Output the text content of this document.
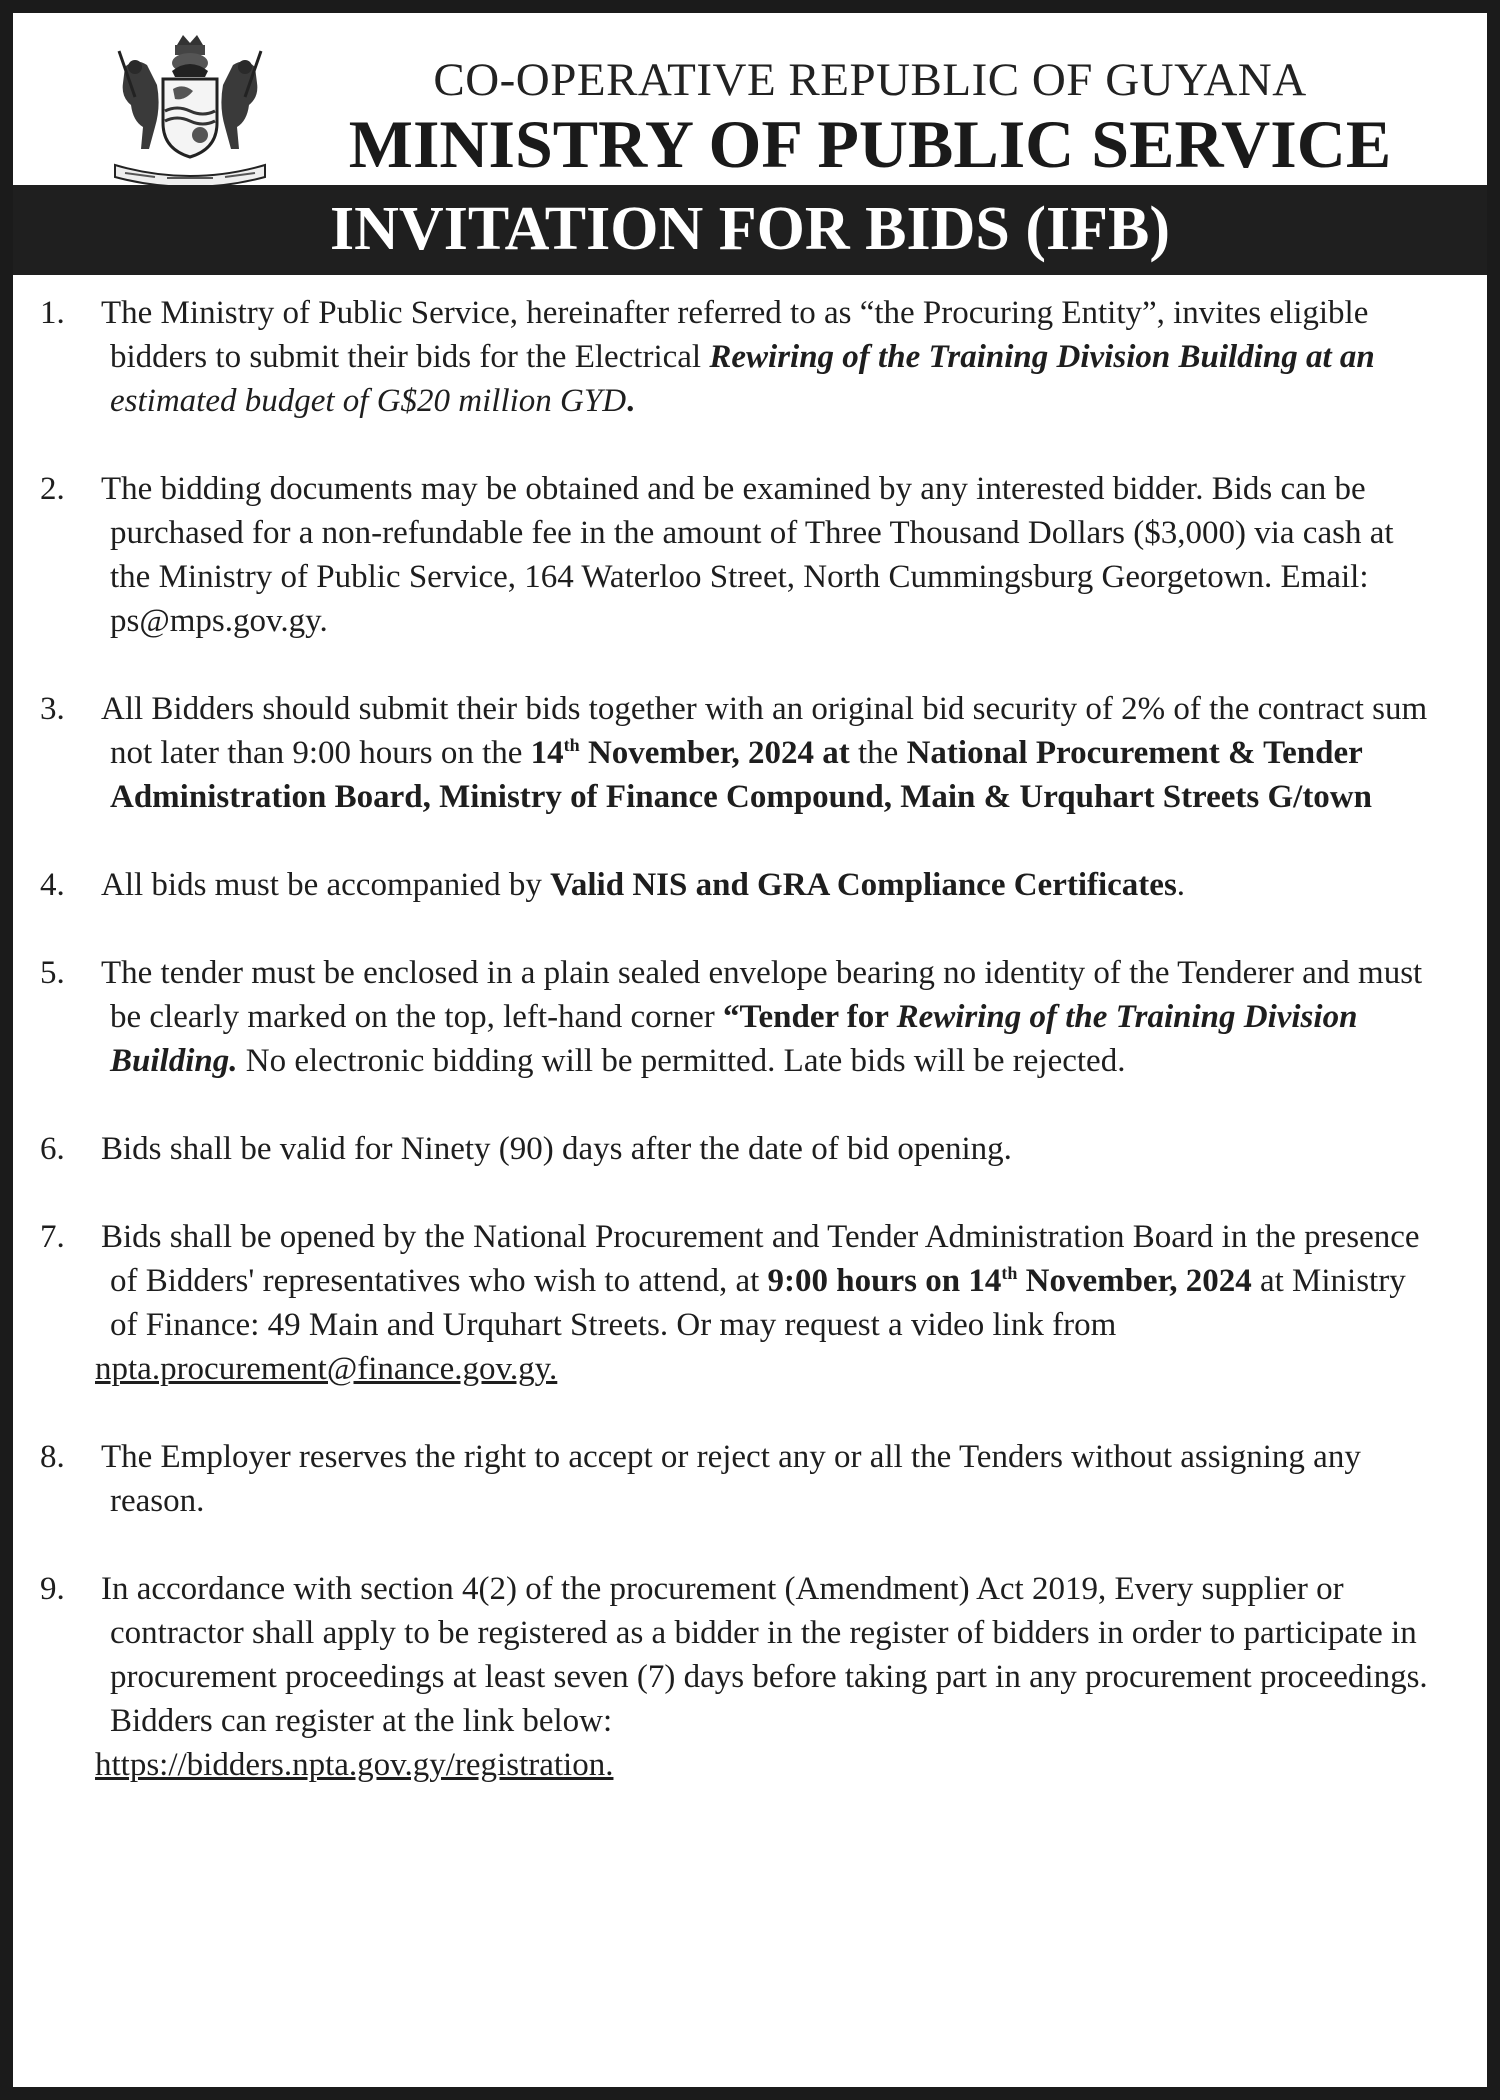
CO-OPERATIVE REPUBLIC OF GUYANA
MINISTRY OF PUBLIC SERVICE
INVITATION FOR BIDS (IFB)
1. The Ministry of Public Service, hereinafter referred to as “the Procuring Entity”, invites eligible bidders to submit their bids for the Electrical Rewiring of the Training Division Building at an estimated budget of G$20 million GYD.

2. The bidding documents may be obtained and be examined by any interested bidder. Bids can be purchased for a non-refundable fee in the amount of Three Thousand Dollars ($3,000) via cash at the Ministry of Public Service, 164 Waterloo Street, North Cummingsburg Georgetown. Email: ps@mps.gov.gy.

3. All Bidders should submit their bids together with an original bid security of 2% of the contract sum not later than 9:00 hours on the 14th November, 2024 at the National Procurement & Tender Administration Board, Ministry of Finance Compound, Main & Urquhart Streets G/town

4. All bids must be accompanied by Valid NIS and GRA Compliance Certificates.

5. The tender must be enclosed in a plain sealed envelope bearing no identity of the Tenderer and must be clearly marked on the top, left-hand corner “Tender for Rewiring of the Training Division Building. No electronic bidding will be permitted. Late bids will be rejected.

6. Bids shall be valid for Ninety (90) days after the date of bid opening.

7. Bids shall be opened by the National Procurement and Tender Administration Board in the presence of Bidders' representatives who wish to attend, at 9:00 hours on 14th November, 2024 at Ministry of Finance: 49 Main and Urquhart Streets. Or may request a video link from
npta.procurement@finance.gov.gy.

8. The Employer reserves the right to accept or reject any or all the Tenders without assigning any reason.

9. In accordance with section 4(2) of the procurement (Amendment) Act 2019, Every supplier or contractor shall apply to be registered as a bidder in the register of bidders in order to participate in procurement proceedings at least seven (7) days before taking part in any procurement proceedings. Bidders can register at the link below:
https://bidders.npta.gov.gy/registration.
